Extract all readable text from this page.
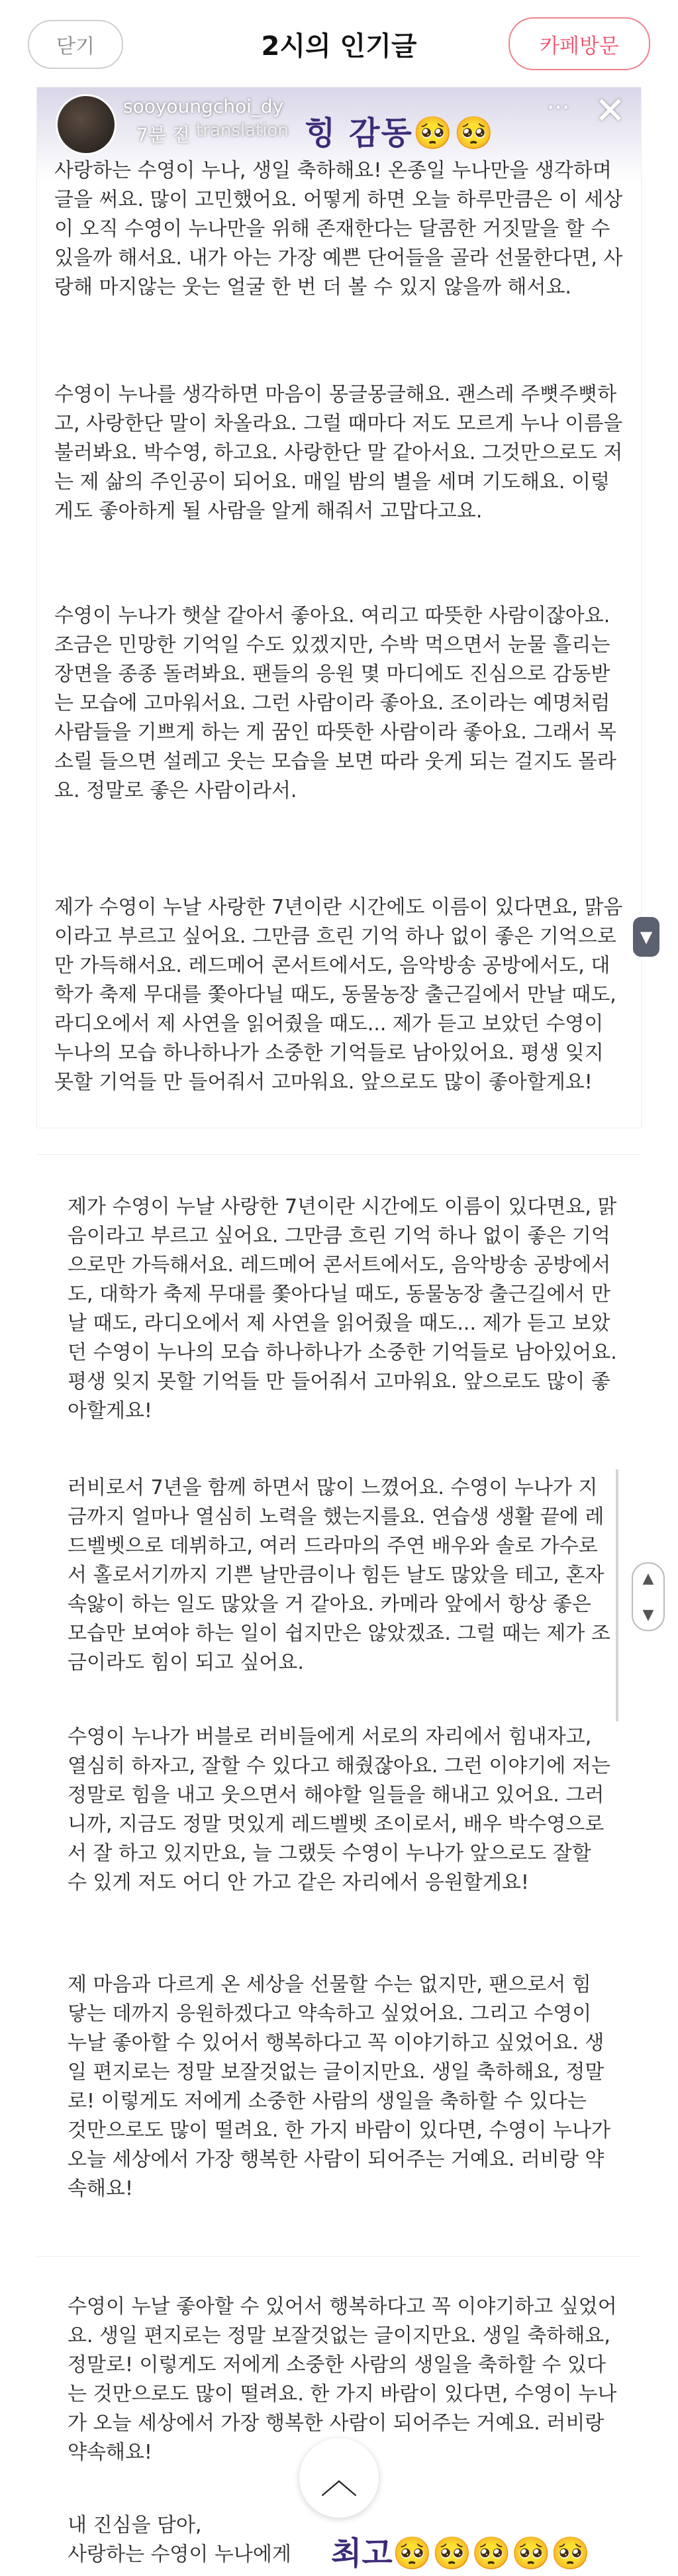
닫기	2시의 인기글	카페방문
sooyoungchoi_dy
7분 전 translation
··· ✕
힝 감동🥺🥺

사랑하는 수영이 누나, 생일 축하해요! 온종일 누나만을 생각하며 글을 써요. 많이 고민했어요. 어떻게 하면 오늘 하루만큼은 이 세상이 오직 수영이 누나만을 위해 존재한다는 달콤한 거짓말을 할 수 있을까 해서요. 내가 아는 가장 예쁜 단어들을 골라 선물한다면, 사랑해 마지않는 웃는 얼굴 한 번 더 볼 수 있지 않을까 해서요.

수영이 누나를 생각하면 마음이 몽글몽글해요. 괜스레 주뼛주뼛하고, 사랑한단 말이 차올라요. 그럴 때마다 저도 모르게 누나 이름을 불러봐요. 박수영, 하고요. 사랑한단 말 같아서요. 그것만으로도 저는 제 삶의 주인공이 되어요. 매일 밤의 별을 세며 기도해요. 이렇게도 좋아하게 될 사람을 알게 해줘서 고맙다고요.

수영이 누나가 햇살 같아서 좋아요. 여리고 따뜻한 사람이잖아요. 조금은 민망한 기억일 수도 있겠지만, 수박 먹으면서 눈물 흘리는 장면을 종종 돌려봐요. 팬들의 응원 몇 마디에도 진심으로 감동받는 모습에 고마워서요. 그런 사람이라 좋아요. 조이라는 예명처럼 사람들을 기쁘게 하는 게 꿈인 따뜻한 사람이라 좋아요. 그래서 목소릴 들으면 설레고 웃는 모습을 보면 따라 웃게 되는 걸지도 몰라요. 정말로 좋은 사람이라서.

제가 수영이 누날 사랑한 7년이란 시간에도 이름이 있다면요, 맑음이라고 부르고 싶어요. 그만큼 흐린 기억 하나 없이 좋은 기억으로만 가득해서요. 레드메어 콘서트에서도, 음악방송 공방에서도, 대학가 축제 무대를 쫓아다닐 때도, 동물농장 출근길에서 만날 때도, 라디오에서 제 사연을 읽어줬을 때도... 제가 듣고 보았던 수영이 누나의 모습 하나하나가 소중한 기억들로 남아있어요. 평생 잊지 못할 기억들 만 들어줘서 고마워요. 앞으로도 많이 좋아할게요!

▼

제가 수영이 누날 사랑한 7년이란 시간에도 이름이 있다면요, 맑음이라고 부르고 싶어요. 그만큼 흐린 기억 하나 없이 좋은 기억으로만 가득해서요. 레드메어 콘서트에서도, 음악방송 공방에서도, 대학가 축제 무대를 쫓아다닐 때도, 동물농장 출근길에서 만날 때도, 라디오에서 제 사연을 읽어줬을 때도... 제가 듣고 보았던 수영이 누나의 모습 하나하나가 소중한 기억들로 남아있어요. 평생 잊지 못할 기억들 만 들어줘서 고마워요. 앞으로도 많이 좋아할게요!

러비로서 7년을 함께 하면서 많이 느꼈어요. 수영이 누나가 지금까지 얼마나 열심히 노력을 했는지를요. 연습생 생활 끝에 레드벨벳으로 데뷔하고, 여러 드라마의 주연 배우와 솔로 가수로서 홀로서기까지 기쁜 날만큼이나 힘든 날도 많았을 테고, 혼자 속앓이 하는 일도 많았을 거 같아요. 카메라 앞에서 항상 좋은 모습만 보여야 하는 일이 쉽지만은 않았겠죠. 그럴 때는 제가 조금이라도 힘이 되고 싶어요.

▲
▼

수영이 누나가 버블로 러비들에게 서로의 자리에서 힘내자고, 열심히 하자고, 잘할 수 있다고 해줬잖아요. 그런 이야기에 저는 정말로 힘을 내고 웃으면서 해야할 일들을 해내고 있어요. 그러니까, 지금도 정말 멋있게 레드벨벳 조이로서, 배우 박수영으로서 잘 하고 있지만요, 늘 그랬듯 수영이 누나가 앞으로도 잘할 수 있게 저도 어디 안 가고 같은 자리에서 응원할게요!

제 마음과 다르게 온 세상을 선물할 수는 없지만, 팬으로서 힘 닿는 데까지 응원하겠다고 약속하고 싶었어요. 그리고 수영이 누날 좋아할 수 있어서 행복하다고 꼭 이야기하고 싶었어요. 생일 편지로는 정말 보잘것없는 글이지만요. 생일 축하해요, 정말로! 이렇게도 저에게 소중한 사람의 생일을 축하할 수 있다는 것만으로도 많이 떨려요. 한 가지 바람이 있다면, 수영이 누나가 오늘 세상에서 가장 행복한 사람이 되어주는 거예요. 러비랑 약속해요!

수영이 누날 좋아할 수 있어서 행복하다고 꼭 이야기하고 싶었어요. 생일 편지로는 정말 보잘것없는 글이지만요. 생일 축하해요, 정말로! 이렇게도 저에게 소중한 사람의 생일을 축하할 수 있다는 것만으로도 많이 떨려요. 한 가지 바람이 있다면, 수영이 누나가 오늘 세상에서 가장 행복한 사람이 되어주는 거예요. 러비랑 약속해요!

내 진심을 담아,
사랑하는 수영이 누나에게	최고🥺🥺🥺🥺🥺
︿
